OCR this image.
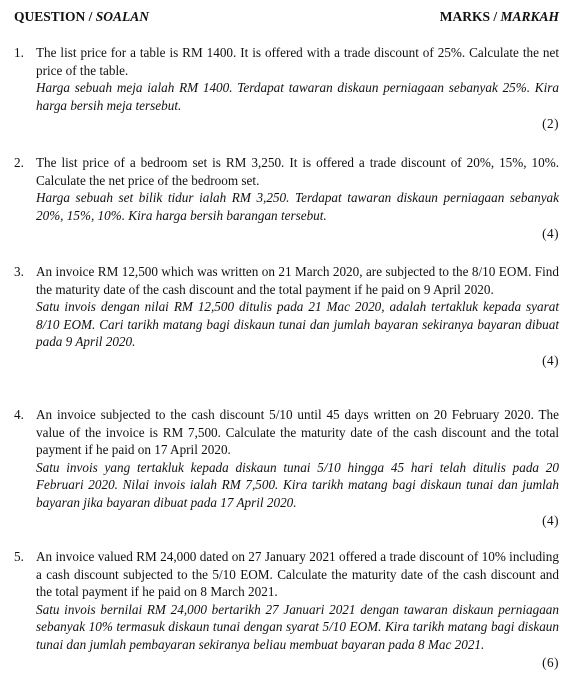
QUESTION / SOALAN	MARKS / MARKAH
1. The list price for a table is RM 1400. It is offered with a trade discount of 25%. Calculate the net price of the table.
Harga sebuah meja ialah RM 1400. Terdapat tawaran diskaun perniagaan sebanyak 25%. Kira harga bersih meja tersebut.
(2)
2. The list price of a bedroom set is RM 3,250. It is offered a trade discount of 20%, 15%, 10%. Calculate the net price of the bedroom set.
Harga sebuah set bilik tidur ialah RM 3,250. Terdapat tawaran diskaun perniagaan sebanyak 20%, 15%, 10%. Kira harga bersih barangan tersebut.
(4)
3. An invoice RM 12,500 which was written on 21 March 2020, are subjected to the 8/10 EOM. Find the maturity date of the cash discount and the total payment if he paid on 9 April 2020.
Satu invois dengan nilai RM 12,500 ditulis pada 21 Mac 2020, adalah tertakluk kepada syarat 8/10 EOM. Cari tarikh matang bagi diskaun tunai dan jumlah bayaran sekiranya bayaran dibuat pada 9 April 2020.
(4)
4. An invoice subjected to the cash discount 5/10 until 45 days written on 20 February 2020. The value of the invoice is RM 7,500. Calculate the maturity date of the cash discount and the total payment if he paid on 17 April 2020.
Satu invois yang tertakluk kepada diskaun tunai 5/10 hingga 45 hari telah ditulis pada 20 Februari 2020. Nilai invois ialah RM 7,500. Kira tarikh matang bagi diskaun tunai dan jumlah bayaran jika bayaran dibuat pada 17 April 2020.
(4)
5. An invoice valued RM 24,000 dated on 27 January 2021 offered a trade discount of 10% including a cash discount subjected to the 5/10 EOM. Calculate the maturity date of the cash discount and the total payment if he paid on 8 March 2021.
Satu invois bernilai RM 24,000 bertarikh 27 Januari 2021 dengan tawaran diskaun perniagaan sebanyak 10% termasuk diskaun tunai dengan syarat 5/10 EOM. Kira tarikh matang bagi diskaun tunai dan jumlah pembayaran sekiranya beliau membuat bayaran pada 8 Mac 2021.
(6)
